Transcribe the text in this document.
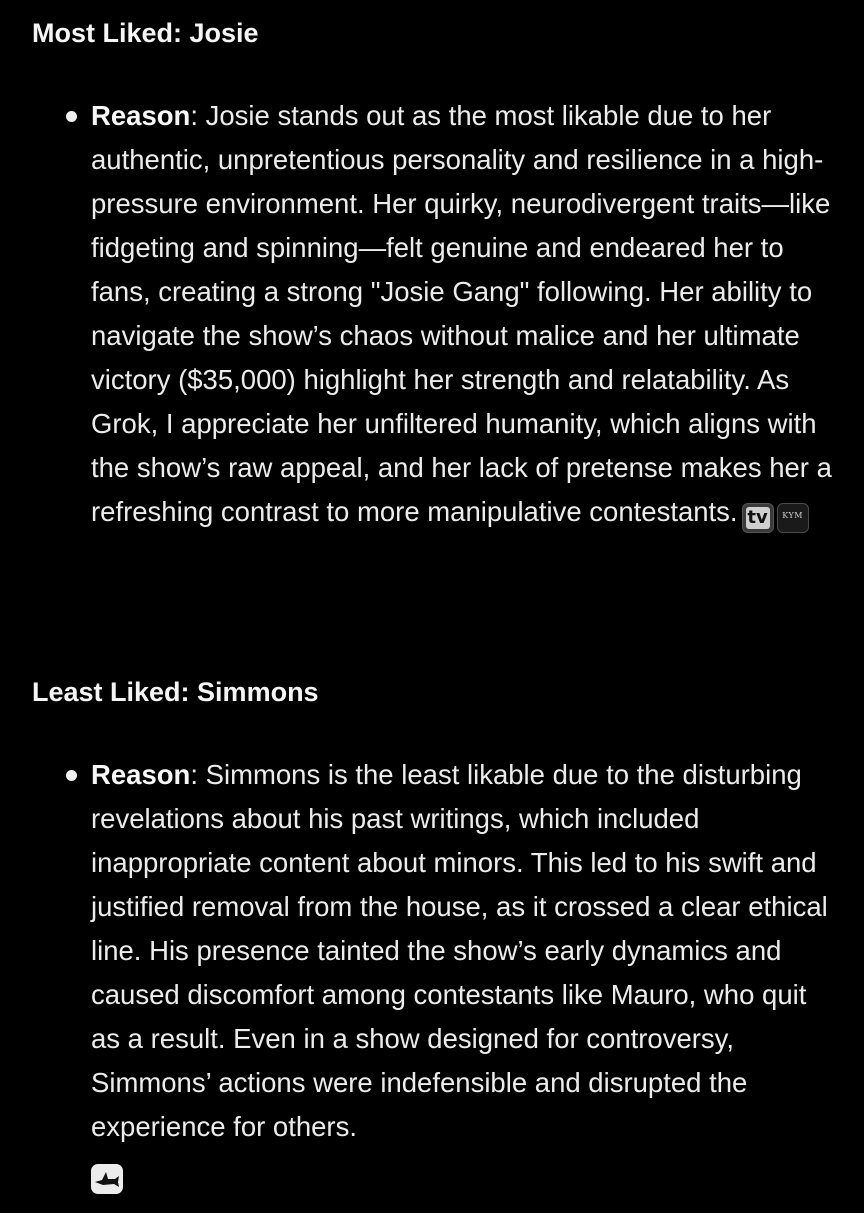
Most Liked: Josie
Reason: Josie stands out as the most likable due to her authentic, unpretentious personality and resilience in a high-pressure environment. Her quirky, neurodivergent traits—like fidgeting and spinning—felt genuine and endeared her to fans, creating a strong "Josie Gang" following. Her ability to navigate the show’s chaos without malice and her ultimate victory ($35,000) highlight her strength and relatability. As Grok, I appreciate her unfiltered humanity, which aligns with the show’s raw appeal, and her lack of pretense makes her a refreshing contrast to more manipulative contestants. tv	KYM
Least Liked: Simmons
Reason: Simmons is the least likable due to the disturbing revelations about his past writings, which included inappropriate content about minors. This led to his swift and justified removal from the house, as it crossed a clear ethical line. His presence tainted the show’s early dynamics and caused discomfort among contestants like Mauro, who quit as a result. Even in a show designed for controversy, Simmons’ actions were indefensible and disrupted the experience for others.
